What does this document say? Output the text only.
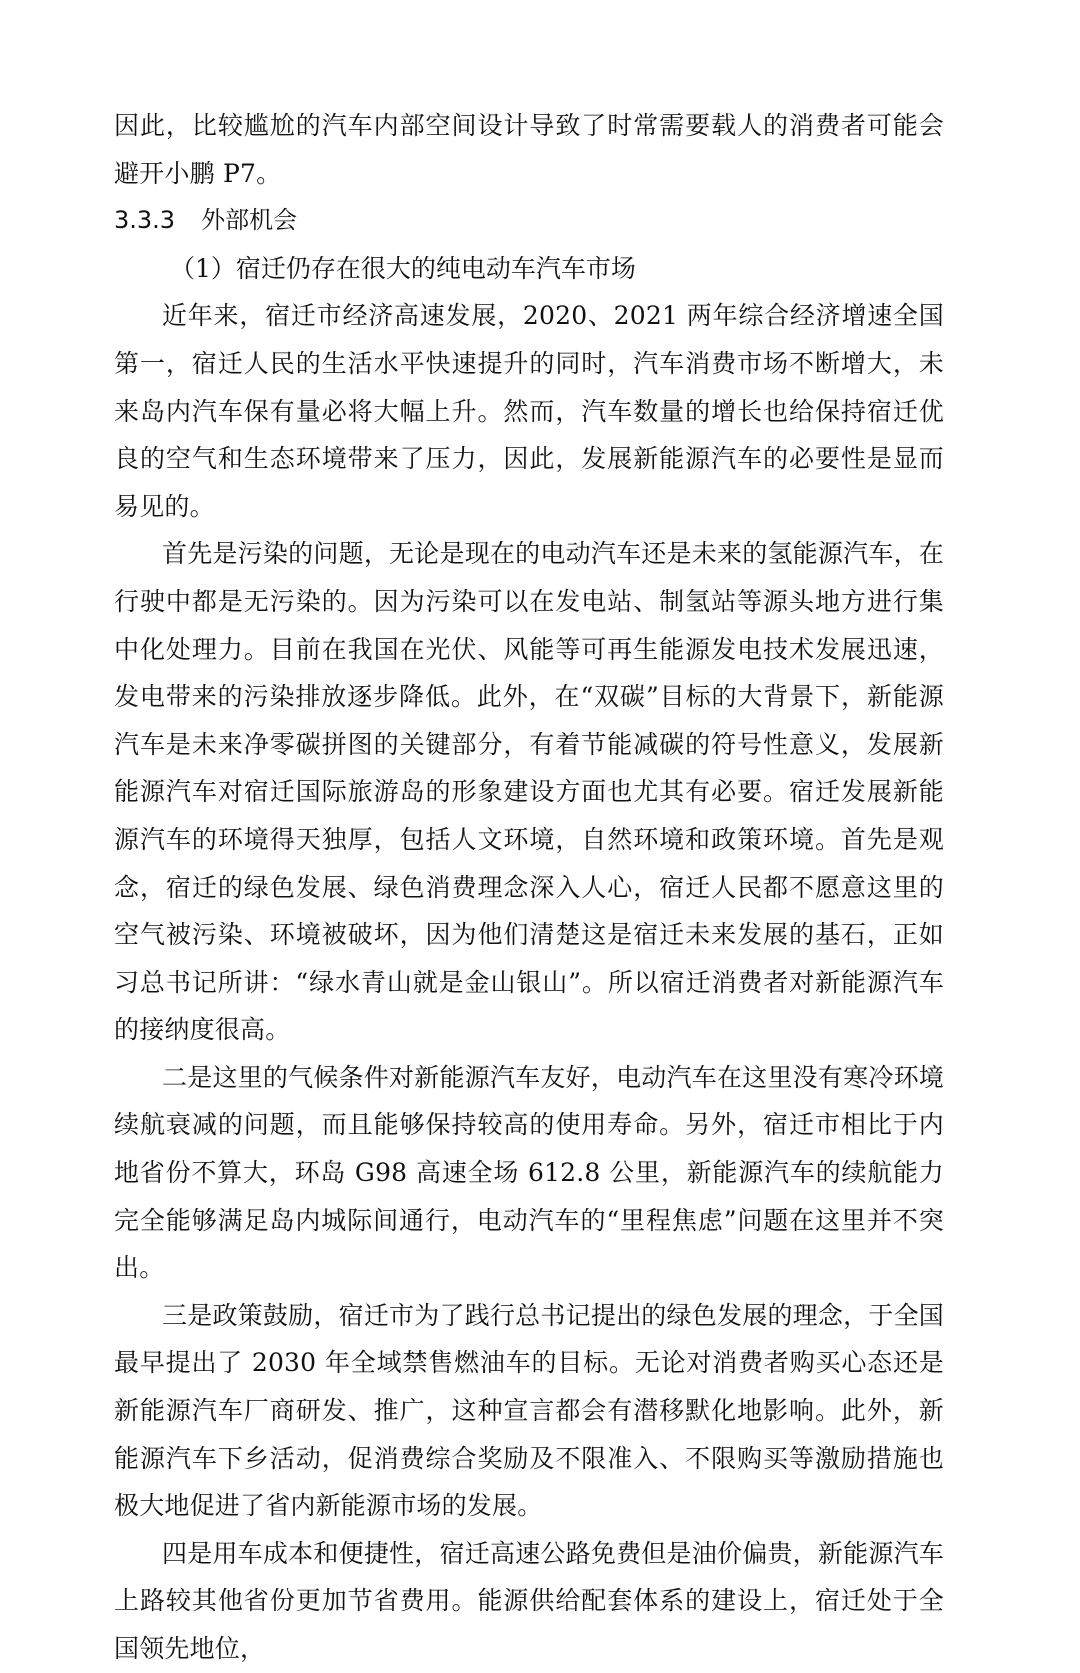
因此，比较尴尬的汽车内部空间设计导致了时常需要载人的消费者可能会避开小鹏 P7。

3.3.3 外部机会

（1）宿迁仍存在很大的纯电动车汽车市场

近年来，宿迁市经济高速发展，2020、2021 两年综合经济增速全国第一，宿迁人民的生活水平快速提升的同时，汽车消费市场不断增大，未来岛内汽车保有量必将大幅上升。然而，汽车数量的增长也给保持宿迁优良的空气和生态环境带来了压力，因此，发展新能源汽车的必要性是显而易见的。

首先是污染的问题，无论是现在的电动汽车还是未来的氢能源汽车，在行驶中都是无污染的。因为污染可以在发电站、制氢站等源头地方进行集中化处理力。目前在我国在光伏、风能等可再生能源发电技术发展迅速，发电带来的污染排放逐步降低。此外，在“双碳”目标的大背景下，新能源汽车是未来净零碳拼图的关键部分，有着节能减碳的符号性意义，发展新能源汽车对宿迁国际旅游岛的形象建设方面也尤其有必要。宿迁发展新能源汽车的环境得天独厚，包括人文环境，自然环境和政策环境。首先是观念，宿迁的绿色发展、绿色消费理念深入人心，宿迁人民都不愿意这里的空气被污染、环境被破坏，因为他们清楚这是宿迁未来发展的基石，正如习总书记所讲：“绿水青山就是金山银山”。所以宿迁消费者对新能源汽车的接纳度很高。

二是这里的气候条件对新能源汽车友好，电动汽车在这里没有寒冷环境续航衰减的问题，而且能够保持较高的使用寿命。另外，宿迁市相比于内地省份不算大，环岛 G98 高速全场 612.8 公里，新能源汽车的续航能力完全能够满足岛内城际间通行，电动汽车的“里程焦虑”问题在这里并不突出。

三是政策鼓励，宿迁市为了践行总书记提出的绿色发展的理念，于全国最早提出了 2030 年全域禁售燃油车的目标。无论对消费者购买心态还是新能源汽车厂商研发、推广，这种宣言都会有潜移默化地影响。此外，新能源汽车下乡活动，促消费综合奖励及不限准入、不限购买等激励措施也极大地促进了省内新能源市场的发展。

四是用车成本和便捷性，宿迁高速公路免费但是油价偏贵，新能源汽车上路较其他省份更加节省费用。能源供给配套体系的建设上，宿迁处于全国领先地位，
